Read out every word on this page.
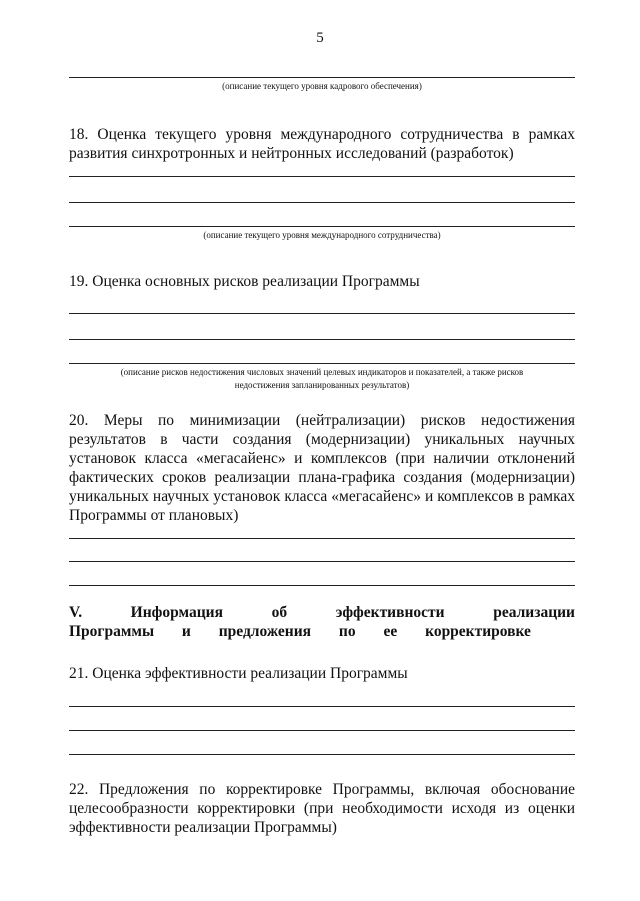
5
(описание текущего уровня кадрового обеспечения)
18. Оценка текущего уровня международного сотрудничества в рамках развития синхротронных и нейтронных исследований (разработок)
(описание текущего уровня международного сотрудничества)
19. Оценка основных рисков реализации Программы
(описание рисков недостижения числовых значений целевых индикаторов и показателей, а также рисков
недостижения запланированных результатов)
20. Меры по минимизации (нейтрализации) рисков недостижения результатов в части создания (модернизации) уникальных научных установок класса «мегасайенс» и комплексов (при наличии отклонений фактических сроков реализации плана-графика создания (модернизации) уникальных научных установок класса «мегасайенс» и комплексов в рамках Программы от плановых)
V. Информация об эффективности реализации Программы и предложения по ее корректировке
21. Оценка эффективности реализации Программы
22. Предложения по корректировке Программы, включая обоснование целесообразности корректировки (при необходимости исходя из оценки эффективности реализации Программы)
